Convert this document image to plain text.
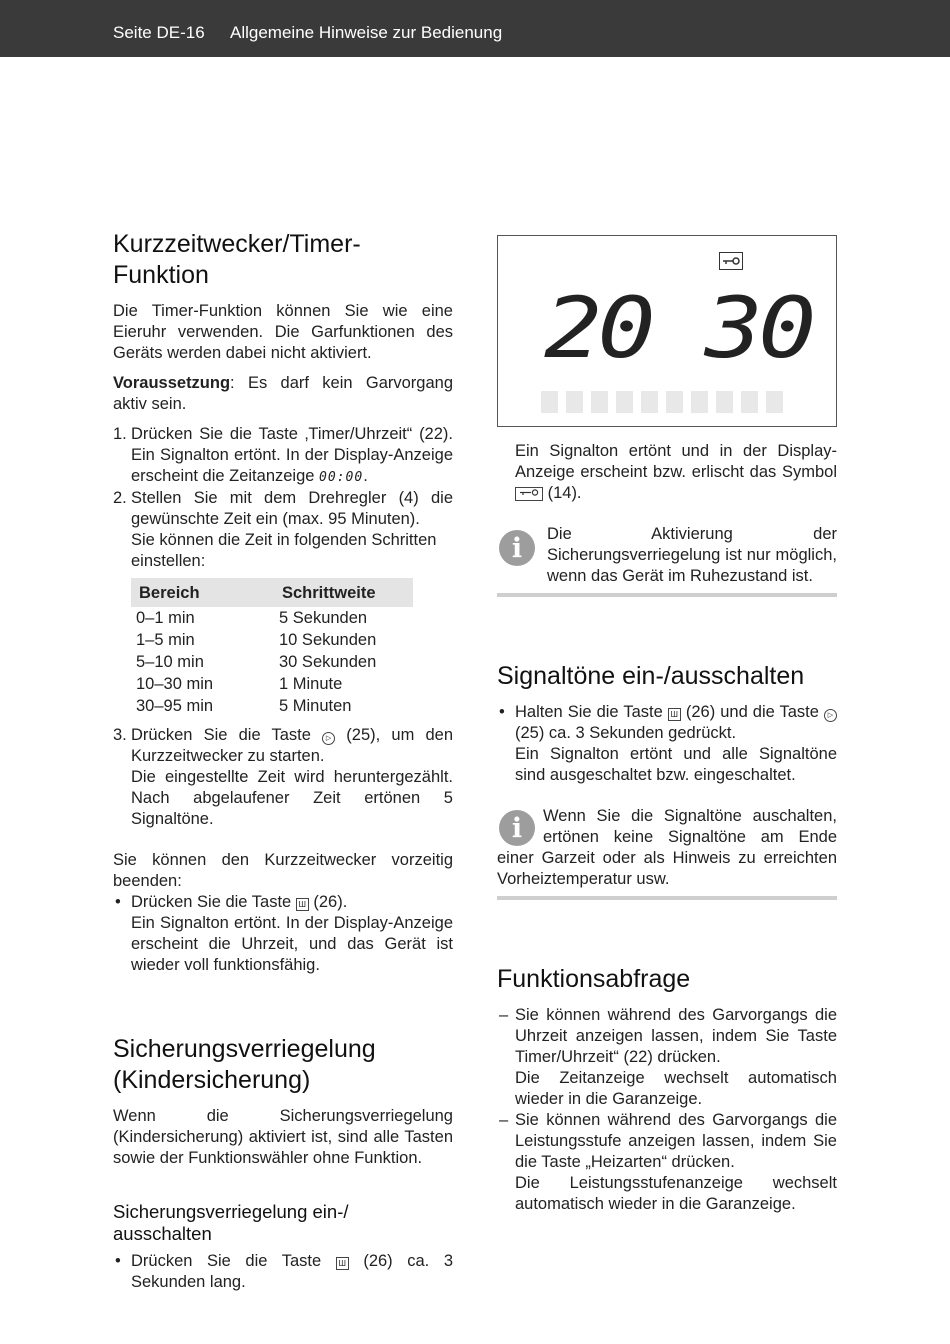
Seite DE-16 Allgemeine Hinweise zur Bedienung
Kurzzeitwecker/Timer-Funktion

Die Timer-Funktion können Sie wie eine Eieruhr verwenden. Die Garfunktionen des Geräts werden dabei nicht aktiviert.

Voraussetzung: Es darf kein Garvorgang aktiv sein.

1. Drücken Sie die Taste ‚Timer/Uhrzeit“ (22). Ein Signalton ertönt. In der Display-Anzeige erscheint die Zeitanzeige 00:00.
2. Stellen Sie mit dem Drehregler (4) die gewünschte Zeit ein (max. 95 Minuten).
Sie können die Zeit in folgenden Schritten einstellen:
Bereich	Schrittweite
0–1 min	5 Sekunden
1–5 min	10 Sekunden
5–10 min	30 Sekunden
10–30 min	1 Minute
30–95 min	5 Minuten
3. Drücken Sie die Taste ▷ (25), um den Kurzzeitwecker zu starten.
Die eingestellte Zeit wird heruntergezählt. Nach abgelaufener Zeit ertönen 5 Signaltöne.

Sie können den Kurzzeitwecker vorzeitig beenden:

• Drücken Sie die Taste Ш (26).
Ein Signalton ertönt. In der Display-Anzeige erscheint die Uhrzeit, und das Gerät ist wieder voll funktionsfähig.
Sicherungsverriegelung
(Kindersicherung)

Wenn die Sicherungsverriegelung (Kindersicherung) aktiviert ist, sind alle Tasten sowie der Funktionswähler ohne Funktion.

Sicherungsverriegelung ein-/
ausschalten
• Drücken Sie die Taste Ш (26) ca. 3 Sekunden lang.
20 30

Ein Signalton ertönt und in der Display-Anzeige erscheint bzw. erlischt das Symbol  (14).

i	Die Aktivierung der Sicherungsverriegelung ist nur möglich, wenn das Gerät im Ruhezustand ist.

Signaltöne ein-/ausschalten
• Halten Sie die Taste Ш (26) und die Taste ▷ (25) ca. 3 Sekunden gedrückt.
Ein Signalton ertönt und alle Signaltöne sind ausgeschaltet bzw. eingeschaltet.
i	Wenn Sie die Signaltöne auschalten, ertönen keine Signaltöne am Ende einer Garzeit oder als Hinweis zu erreichten Vorheiztemperatur usw.

Funktionsabfrage
– Sie können während des Garvorgangs die Uhrzeit anzeigen lassen, indem Sie Taste Timer/Uhrzeit“ (22) drücken.
Die Zeitanzeige wechselt automatisch wieder in die Garanzeige.
– Sie können während des Garvorgangs die Leistungsstufe anzeigen lassen, indem Sie die Taste „Heizarten“ drücken.
Die Leistungsstufenanzeige wechselt automatisch wieder in die Garanzeige.
